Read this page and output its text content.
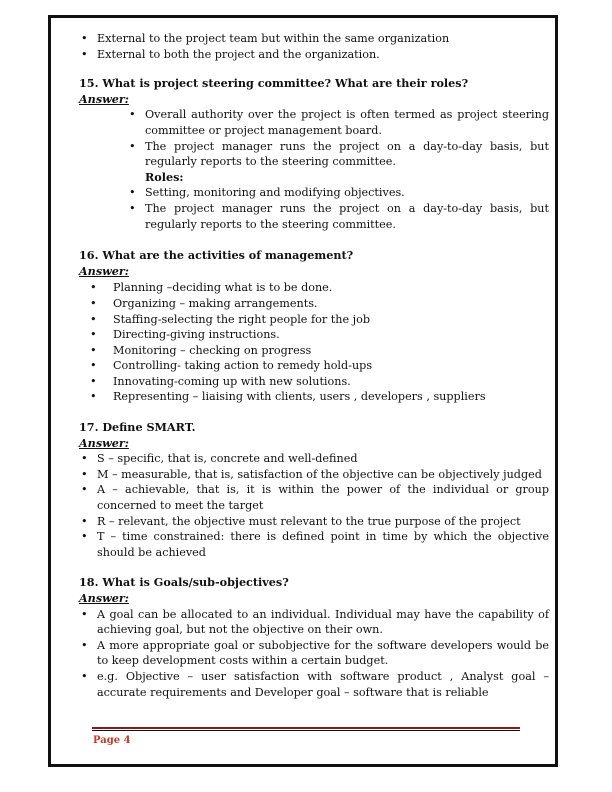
• External to the project team but within the same organization
• External to both the project and the organization.
15. What is project steering committee? What are their roles?
Answer:
• Overall authority over the project is often termed as project steering committee or project management board.
• The project manager runs the project on a day-to-day basis, but regularly reports to the steering committee.
Roles:
• Setting, monitoring and modifying objectives.
• The project manager runs the project on a day-to-day basis, but regularly reports to the steering committee.
16. What are the activities of management?
Answer:
• Planning –deciding what is to be done.
• Organizing – making arrangements.
• Staffing-selecting the right people for the job
• Directing-giving instructions.
• Monitoring – checking on progress
• Controlling- taking action to remedy hold-ups
• Innovating-coming up with new solutions.
• Representing – liaising with clients, users , developers , suppliers
17. Define SMART.
Answer:
• S – specific, that is, concrete and well-defined
• M – measurable, that is, satisfaction of the objective can be objectively judged
• A – achievable, that is, it is within the power of the individual or group concerned to meet the target
• R – relevant, the objective must relevant to the true purpose of the project
• T – time constrained: there is defined point in time by which the objective should be achieved
18. What is Goals/sub-objectives?
Answer:
• A goal can be allocated to an individual. Individual may have the capability of achieving goal, but not the objective on their own.
• A more appropriate goal or subobjective for the software developers would be to keep development costs within a certain budget.
• e.g. Objective – user satisfaction with software product , Analyst goal – accurate requirements and Developer goal – software that is reliable
Page 4
